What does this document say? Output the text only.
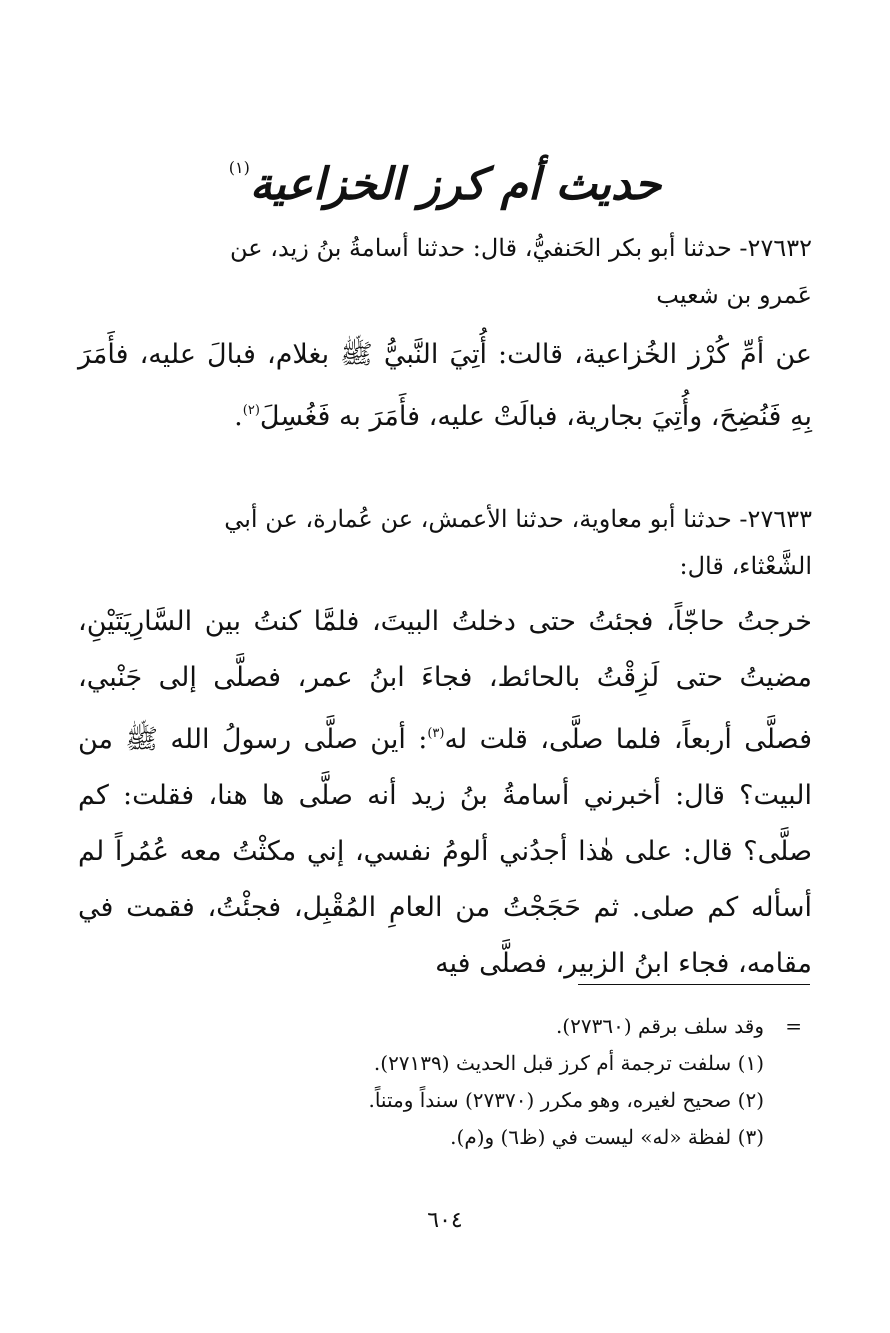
حديث أم كرز الخزاعية$^{(١)}$
٢٧٦٣٢- حدثنا أبو بكر الحَنفيُّ، قال: حدثنا أسامةُ بنُ زيد، عن
عَمرو بن شعيب
عن أمِّ كُرْز الخُزاعية، قالت: أُتِيَ النَّبيُّ ﷺ بغلام، فبالَ عليه، فأَمَرَ بِهِ فَنُضِحَ، وأُتِيَ بجارية، فبالَتْ عليه، فأَمَرَ به فَغُسِلَ$^{(٢)}$.
٢٧٦٣٣- حدثنا أبو معاوية، حدثنا الأعمش، عن عُمارة، عن أبي
الشَّعْثاء، قال:
خرجتُ حاجّاً، فجئتُ حتى دخلتُ البيتَ، فلمَّا كنتُ بين السَّارِيَتَيْنِ، مضيتُ حتى لَزِقْتُ بالحائط، فجاءَ ابنُ عمر، فصلَّى إلى جَنْبي، فصلَّى أربعاً، فلما صلَّى، قلت له$^{(٣)}$: أين صلَّى رسولُ الله ﷺ من البيت؟ قال: أخبرني أسامةُ بنُ زيد أنه صلَّى ها هنا، فقلت: كم صلَّى؟ قال: على هٰذا أجدُني ألومُ نفسي، إني مكثْتُ معه عُمُراً لم أسأله كم صلى. ثم حَجَجْتُ من العامِ المُقْبِل، فجئْتُ، فقمت في مقامه، فجاء ابنُ الزبير، فصلَّى فيه
=وقد سلف برقم (٢٧٣٦٠).
(١) سلفت ترجمة أم كرز قبل الحديث (٢٧١٣٩).
(٢) صحيح لغيره، وهو مكرر (٢٧٣٧٠) سنداً ومتناً.
(٣) لفظة «له» ليست في (ظ٦) و(م).
٦٠٤
